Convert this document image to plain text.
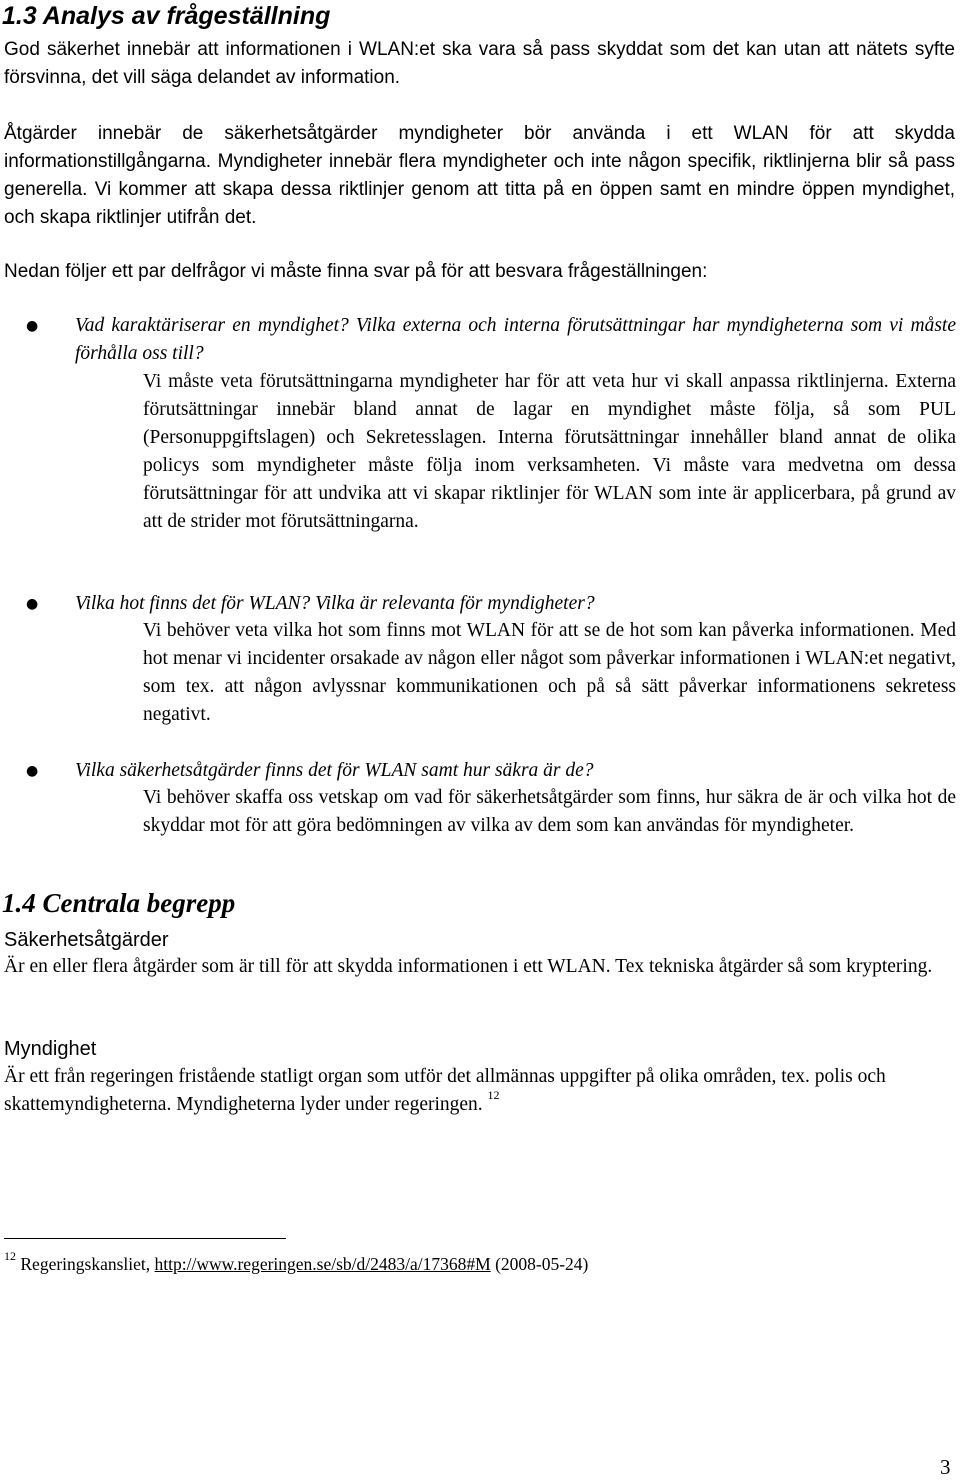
1.3 Analys av frågeställning

God säkerhet innebär att informationen i WLAN:et ska vara så pass skyddat som det kan utan att nätets syfte försvinna, det vill säga delandet av information.

Åtgärder innebär de säkerhetsåtgärder myndigheter bör använda i ett WLAN för att skydda informationstillgångarna. Myndigheter innebär flera myndigheter och inte någon specifik, riktlinjerna blir så pass generella. Vi kommer att skapa dessa riktlinjer genom att titta på en öppen samt en mindre öppen myndighet, och skapa riktlinjer utifrån det.

Nedan följer ett par delfrågor vi måste finna svar på för att besvara frågeställningen:

● Vad karaktäriserar en myndighet? Vilka externa och interna förutsättningar har myndigheterna som vi måste förhålla oss till?

Vi måste veta förutsättningarna myndigheter har för att veta hur vi skall anpassa riktlinjerna. Externa förutsättningar innebär bland annat de lagar en myndighet måste följa, så som PUL (Personuppgiftslagen) och Sekretesslagen. Interna förutsättningar innehåller bland annat de olika policys som myndigheter måste följa inom verksamheten. Vi måste vara medvetna om dessa förutsättningar för att undvika att vi skapar riktlinjer för WLAN som inte är applicerbara, på grund av att de strider mot förutsättningarna.

● Vilka hot finns det för WLAN? Vilka är relevanta för myndigheter?

Vi behöver veta vilka hot som finns mot WLAN för att se de hot som kan påverka informationen. Med hot menar vi incidenter orsakade av någon eller något som påverkar informationen i WLAN:et negativt, som tex. att någon avlyssnar kommunikationen och på så sätt påverkar informationens sekretess negativt.

● Vilka säkerhetsåtgärder finns det för WLAN samt hur säkra är de?

Vi behöver skaffa oss vetskap om vad för säkerhetsåtgärder som finns, hur säkra de är och vilka hot de skyddar mot för att göra bedömningen av vilka av dem som kan användas för myndigheter.

1.4 Centrala begrepp
Säkerhetsåtgärder

Är en eller flera åtgärder som är till för att skydda informationen i ett WLAN. Tex tekniska åtgärder så som kryptering.

Myndighet

Är ett från regeringen fristående statligt organ som utför det allmännas uppgifter på olika områden, tex. polis och skattemyndigheterna. Myndigheterna lyder under regeringen. $^{12}$

$^{12}$ Regeringskansliet, http://www.regeringen.se/sb/d/2483/a/17368#M (2008-05-24)

3
